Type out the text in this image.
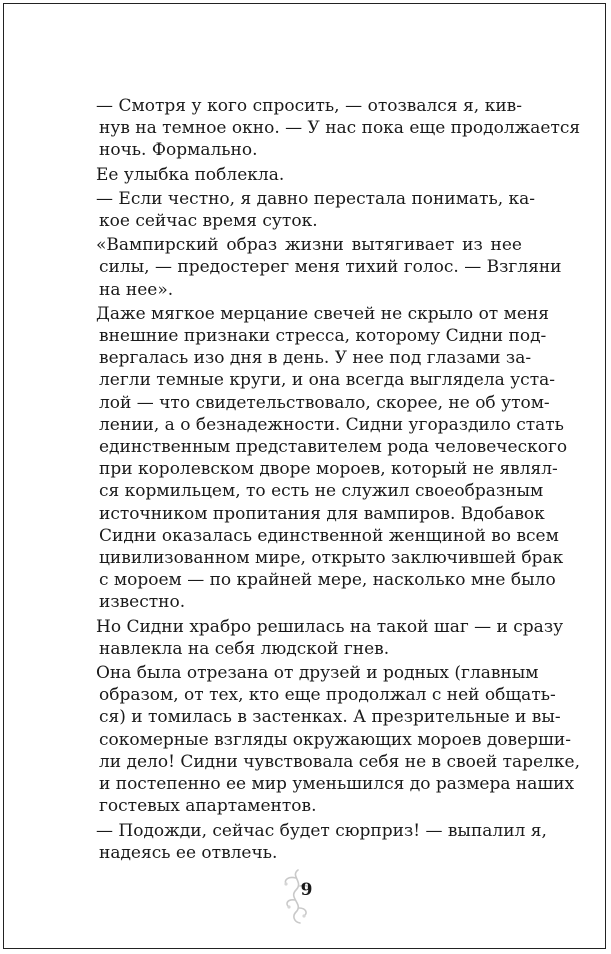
— Смотря у кого спросить, — отозвался я, кив-
нув на темное окно. — У нас пока еще продолжается
ночь. Формально.
Ее улыбка поблекла.
— Если честно, я давно перестала понимать, ка-
кое сейчас время суток.
«Вампирский образ жизни вытягивает из нее
силы, — предостерег меня тихий голос. — Взгляни
на нее».
Даже мягкое мерцание свечей не скрыло от меня
внешние признаки стресса, которому Сидни под-
вергалась изо дня в день. У нее под глазами за-
легли темные круги, и она всегда выглядела уста-
лой — что свидетельствовало, скорее, не об утом-
лении, а о безнадежности. Сидни угораздило стать
единственным представителем рода человеческого
при королевском дворе мороев, который не являл-
ся кормильцем, то есть не служил своеобразным
источником пропитания для вампиров. Вдобавок
Сидни оказалась единственной женщиной во всем
цивилизованном мире, открыто заключившей брак
с мороем — по крайней мере, насколько мне было
известно.
Но Сидни храбро решилась на такой шаг — и сразу
навлекла на себя людской гнев.
Она была отрезана от друзей и родных (главным
образом, от тех, кто еще продолжал с ней общать-
ся) и томилась в застенках. А презрительные и вы-
сокомерные взгляды окружающих мороев доверши-
ли дело! Сидни чувствовала себя не в своей тарелке,
и постепенно ее мир уменьшился до размера наших
гостевых апартаментов.
— Подожди, сейчас будет сюрприз! — выпалил я,
надеясь ее отвлечь.
9
